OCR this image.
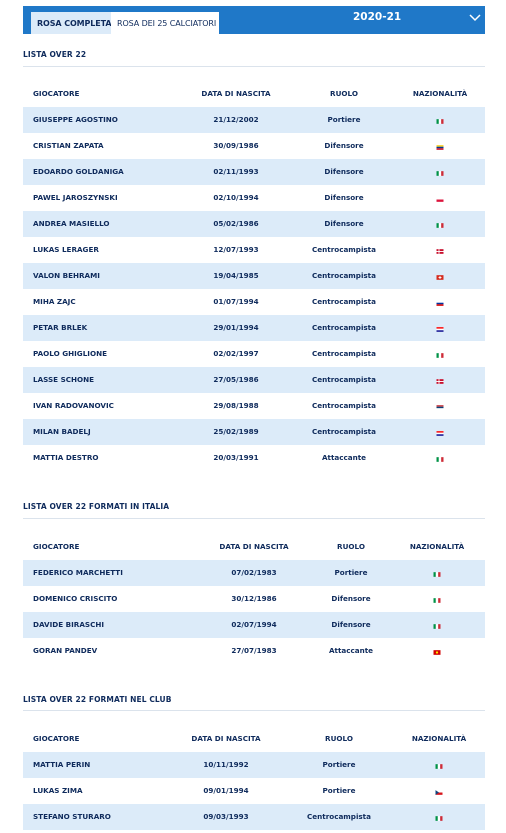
ROSA COMPLETA ROSA DEI 25 CALCIATORI	2020-21
LISTA OVER 22
GIOCATORE	DATA DI NASCITA	RUOLO	NAZIONALITÀ
GIUSEPPE AGOSTINO	21/12/2002	Portiere
CRISTIAN ZAPATA	30/09/1986	Difensore
EDOARDO GOLDANIGA	02/11/1993	Difensore
PAWEL JAROSZYNSKI	02/10/1994	Difensore
ANDREA MASIELLO	05/02/1986	Difensore
LUKAS LERAGER	12/07/1993	Centrocampista
VALON BEHRAMI	19/04/1985	Centrocampista
MIHA ZAJC	01/07/1994	Centrocampista
PETAR BRLEK	29/01/1994	Centrocampista
PAOLO GHIGLIONE	02/02/1997	Centrocampista
LASSE SCHONE	27/05/1986	Centrocampista
IVAN RADOVANOVIC	29/08/1988	Centrocampista
MILAN BADELJ	25/02/1989	Centrocampista
MATTIA DESTRO	20/03/1991	Attaccante
LISTA OVER 22 FORMATI IN ITALIA
GIOCATORE	DATA DI NASCITA	RUOLO	NAZIONALITÀ
FEDERICO MARCHETTI	07/02/1983	Portiere
DOMENICO CRISCITO	30/12/1986	Difensore
DAVIDE BIRASCHI	02/07/1994	Difensore
GORAN PANDEV	27/07/1983	Attaccante
LISTA OVER 22 FORMATI NEL CLUB
GIOCATORE	DATA DI NASCITA	RUOLO	NAZIONALITÀ
MATTIA PERIN	10/11/1992	Portiere
LUKAS ZIMA	09/01/1994	Portiere
STEFANO STURARO	09/03/1993	Centrocampista
